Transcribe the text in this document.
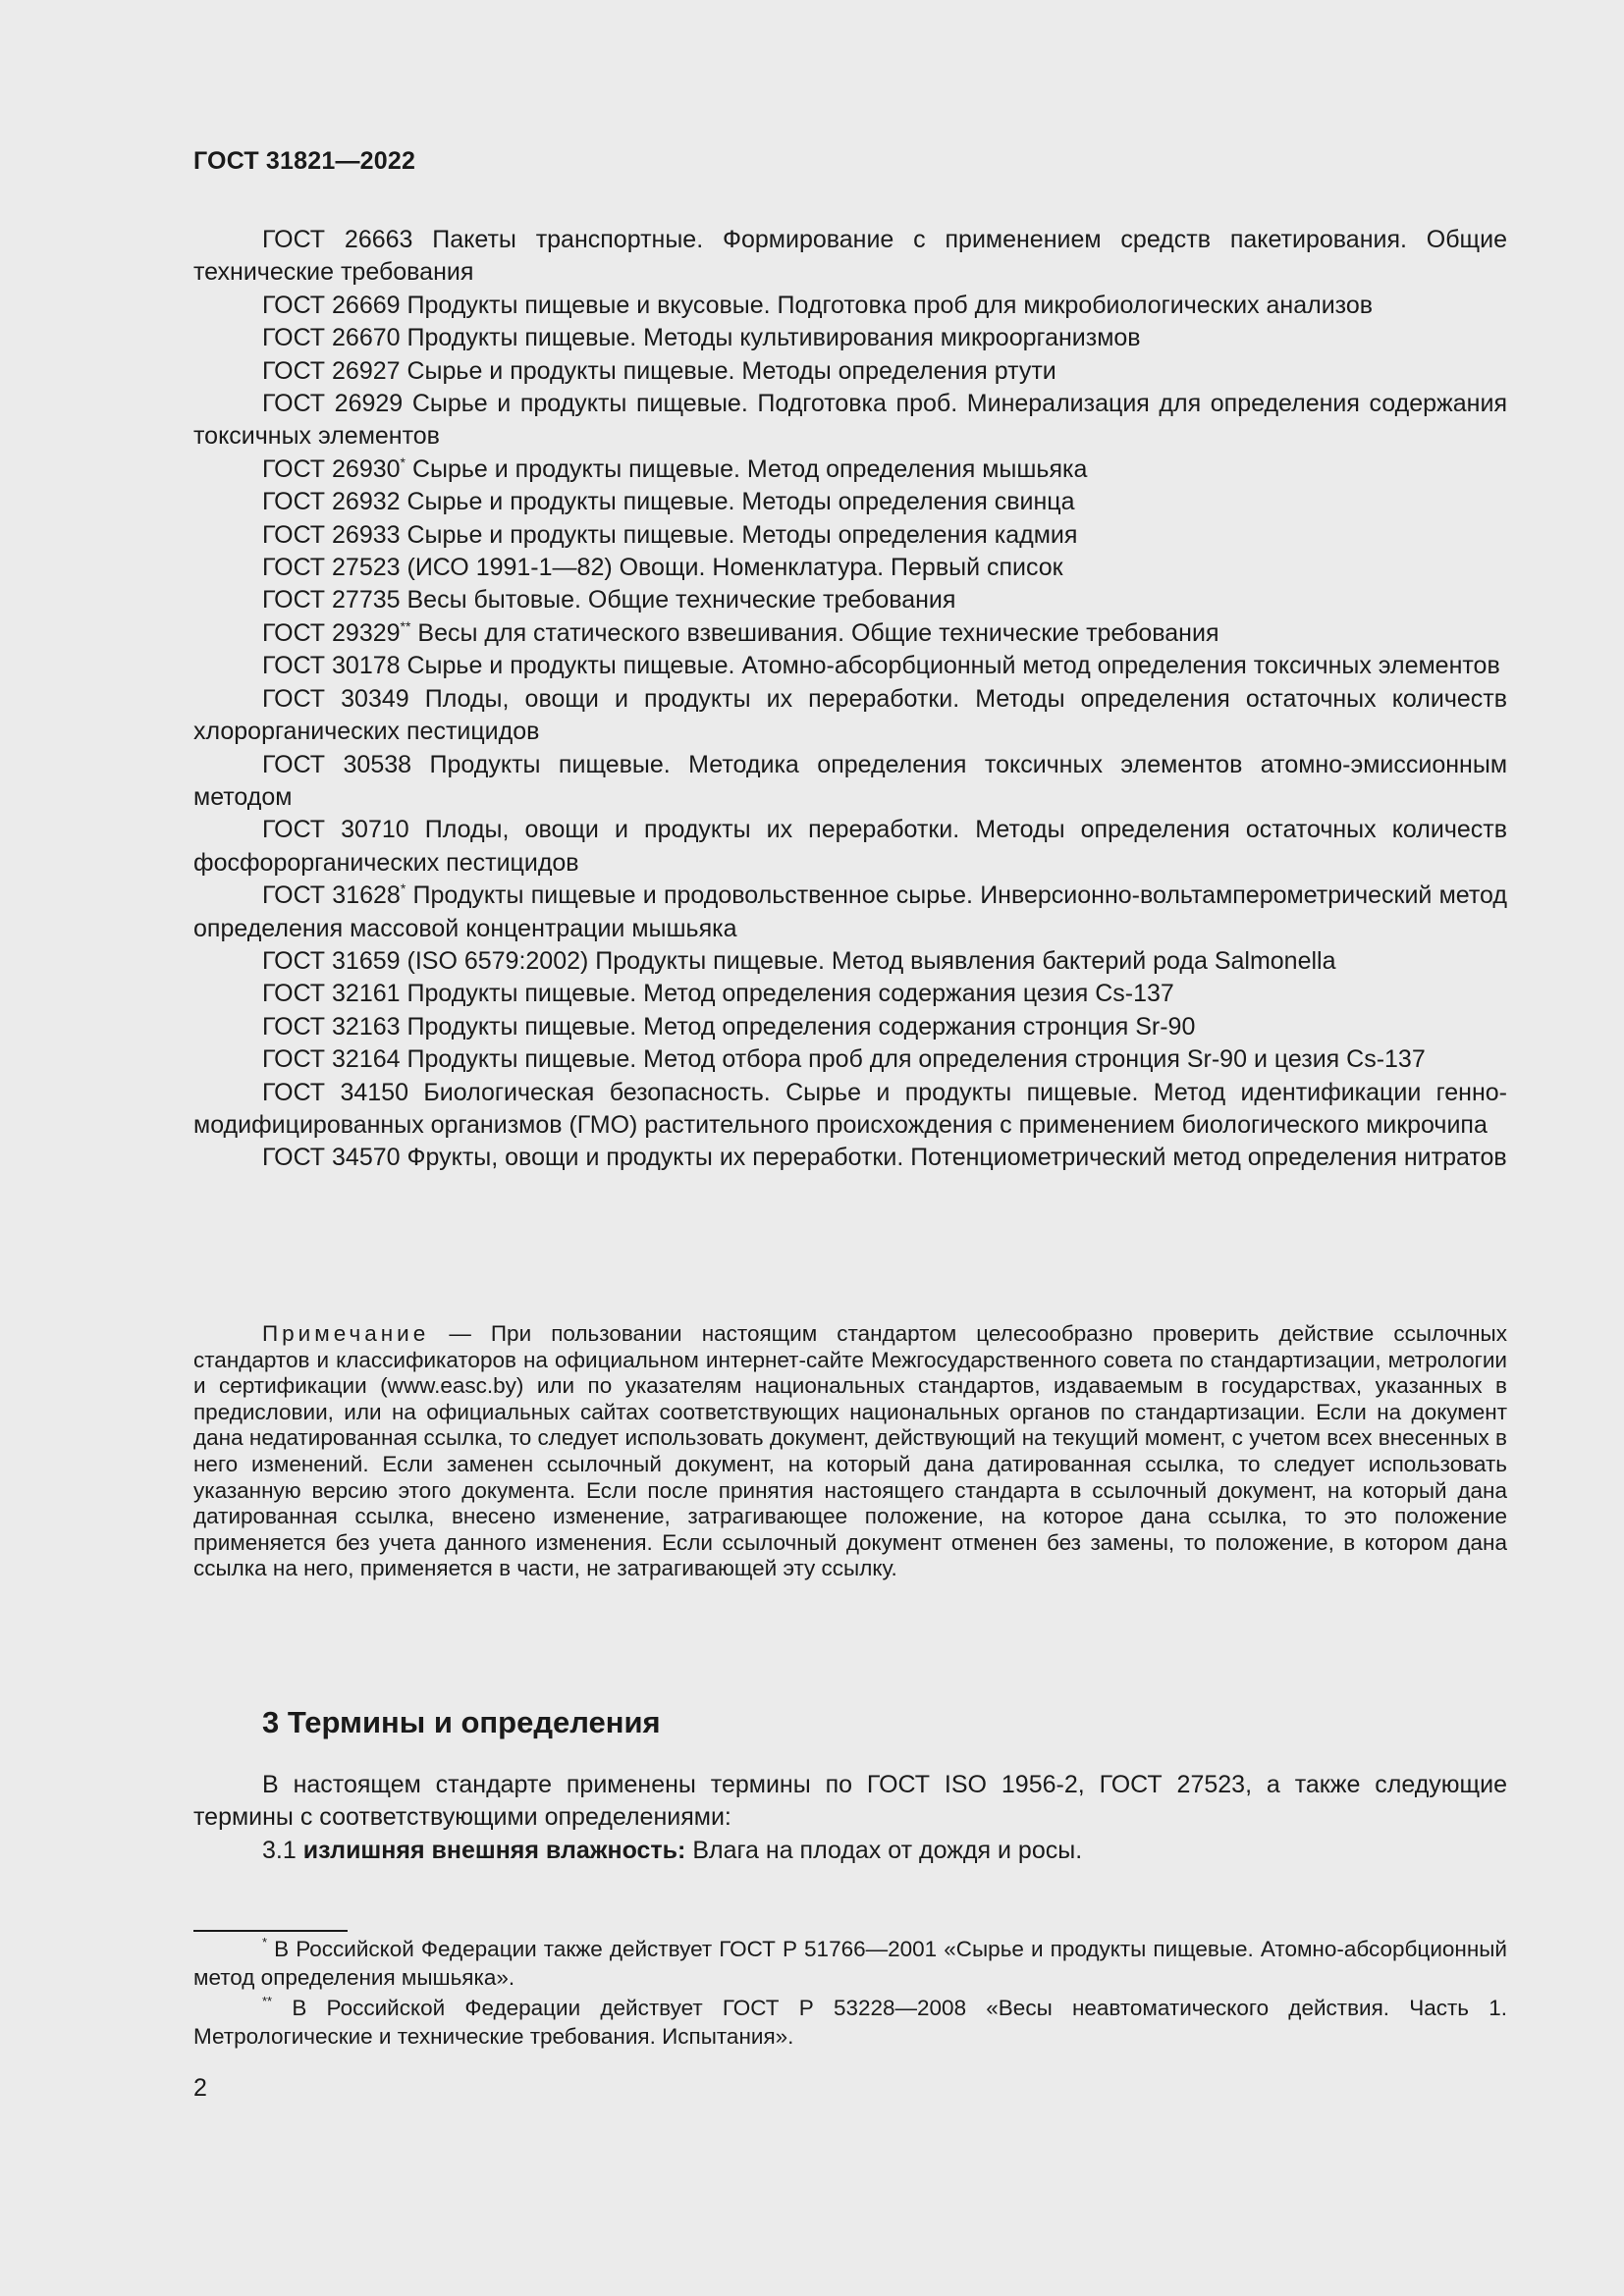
ГОСТ 31821—2022

ГОСТ 26663 Пакеты транспортные. Формирование с применением средств пакетирования. Общие технические требования

ГОСТ 26669 Продукты пищевые и вкусовые. Подготовка проб для микробиологических анализов

ГОСТ 26670 Продукты пищевые. Методы культивирования микроорганизмов

ГОСТ 26927 Сырье и продукты пищевые. Методы определения ртути

ГОСТ 26929 Сырье и продукты пищевые. Подготовка проб. Минерализация для определения содержания токсичных элементов

ГОСТ 26930* Сырье и продукты пищевые. Метод определения мышьяка

ГОСТ 26932 Сырье и продукты пищевые. Методы определения свинца

ГОСТ 26933 Сырье и продукты пищевые. Методы определения кадмия

ГОСТ 27523 (ИСО 1991-1—82) Овощи. Номенклатура. Первый список

ГОСТ 27735 Весы бытовые. Общие технические требования

ГОСТ 29329** Весы для статического взвешивания. Общие технические требования

ГОСТ 30178 Сырье и продукты пищевые. Атомно-абсорбционный метод определения токсичных элементов

ГОСТ 30349 Плоды, овощи и продукты их переработки. Методы определения остаточных количеств хлорорганических пестицидов

ГОСТ 30538 Продукты пищевые. Методика определения токсичных элементов атомно-эмиссионным методом

ГОСТ 30710 Плоды, овощи и продукты их переработки. Методы определения остаточных количеств фосфорорганических пестицидов

ГОСТ 31628* Продукты пищевые и продовольственное сырье. Инверсионно-вольтамперометрический метод определения массовой концентрации мышьяка

ГОСТ 31659 (ISO 6579:2002) Продукты пищевые. Метод выявления бактерий рода Salmonella

ГОСТ 32161 Продукты пищевые. Метод определения содержания цезия Cs-137

ГОСТ 32163 Продукты пищевые. Метод определения содержания стронция Sr-90

ГОСТ 32164 Продукты пищевые. Метод отбора проб для определения стронция Sr-90 и цезия Cs-137

ГОСТ 34150 Биологическая безопасность. Сырье и продукты пищевые. Метод идентификации генно-модифицированных организмов (ГМО) растительного происхождения с применением биологического микрочипа

ГОСТ 34570 Фрукты, овощи и продукты их переработки. Потенциометрический метод определения нитратов

Примечание — При пользовании настоящим стандартом целесообразно проверить действие ссылочных стандартов и классификаторов на официальном интернет-сайте Межгосударственного совета по стандартизации, метрологии и сертификации (www.easc.by) или по указателям национальных стандартов, издаваемым в государствах, указанных в предисловии, или на официальных сайтах соответствующих национальных органов по стандартизации. Если на документ дана недатированная ссылка, то следует использовать документ, действующий на текущий момент, с учетом всех внесенных в него изменений. Если заменен ссылочный документ, на который дана датированная ссылка, то следует использовать указанную версию этого документа. Если после принятия настоящего стандарта в ссылочный документ, на который дана датированная ссылка, внесено изменение, затрагивающее положение, на которое дана ссылка, то это положение применяется без учета данного изменения. Если ссылочный документ отменен без замены, то положение, в котором дана ссылка на него, применяется в части, не затрагивающей эту ссылку.

3 Термины и определения

В настоящем стандарте применены термины по ГОСТ ISO 1956-2, ГОСТ 27523, а также следующие термины с соответствующими определениями:

3.1 излишняя внешняя влажность: Влага на плодах от дождя и росы.

* В Российской Федерации также действует ГОСТ Р 51766—2001 «Сырье и продукты пищевые. Атомно-абсорбционный метод определения мышьяка».

** В Российской Федерации действует ГОСТ Р 53228—2008 «Весы неавтоматического действия. Часть 1. Метрологические и технические требования. Испытания».

2
